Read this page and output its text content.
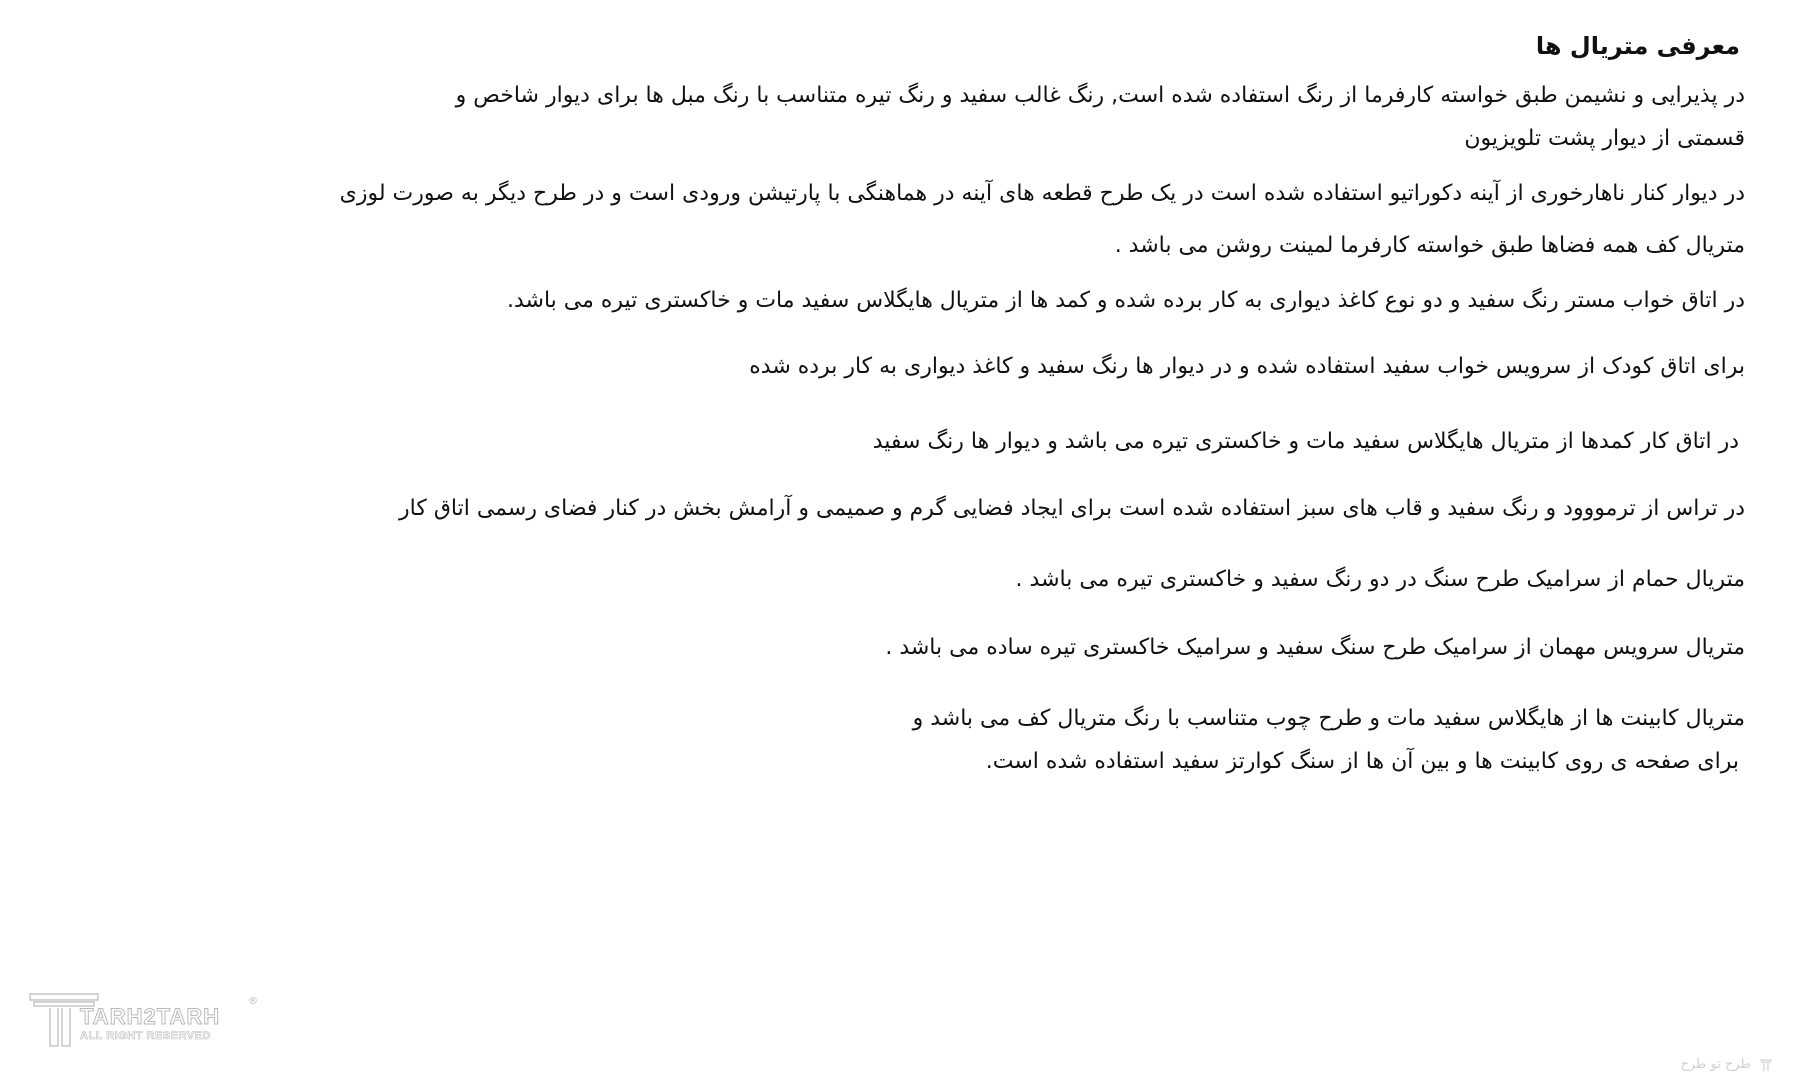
معرفی متریال ها
در پذیرایی و نشیمن طبق خواسته کارفرما از رنگ استفاده شده است, رنگ غالب سفید و رنگ تیره متناسب با رنگ مبل ها برای دیوار شاخص و
قسمتی از دیوار پشت تلویزیون
در دیوار کنار ناهارخوری از آینه دکوراتیو استفاده شده است در یک طرح قطعه های آینه در هماهنگی با پارتیشن ورودی است و در طرح دیگر به صورت لوزی
متریال کف همه فضاها طبق خواسته کارفرما لمینت روشن می باشد .
در اتاق خواب مستر رنگ سفید و دو نوع کاغذ دیواری به کار برده شده و کمد ها از متریال هایگلاس سفید مات و خاکستری تیره می باشد.
برای اتاق کودک از سرویس خواب سفید استفاده شده و در دیوار ها رنگ سفید و کاغذ دیواری به کار برده شده
در اتاق کار کمدها از متریال هایگلاس سفید مات و خاکستری تیره می باشد و دیوار ها رنگ سفید
در تراس از ترمووود و رنگ سفید و قاب های سبز استفاده شده است برای ایجاد فضایی گرم و صمیمی و آرامش بخش در کنار فضای رسمی اتاق کار
متریال حمام از سرامیک طرح سنگ در دو رنگ سفید و خاکستری تیره می باشد .
متریال سرویس مهمان از سرامیک طرح سنگ سفید و سرامیک خاکستری تیره ساده می باشد .
متریال کابینت ها از هایگلاس سفید مات و طرح چوب متناسب با رنگ متریال کف می باشد و
برای صفحه ی روی کابینت ها و بین آن ها از سنگ کوارتز سفید استفاده شده است.
TARH2TARH
ALL RIGHT RESERVED
®
طرح تو طرح
